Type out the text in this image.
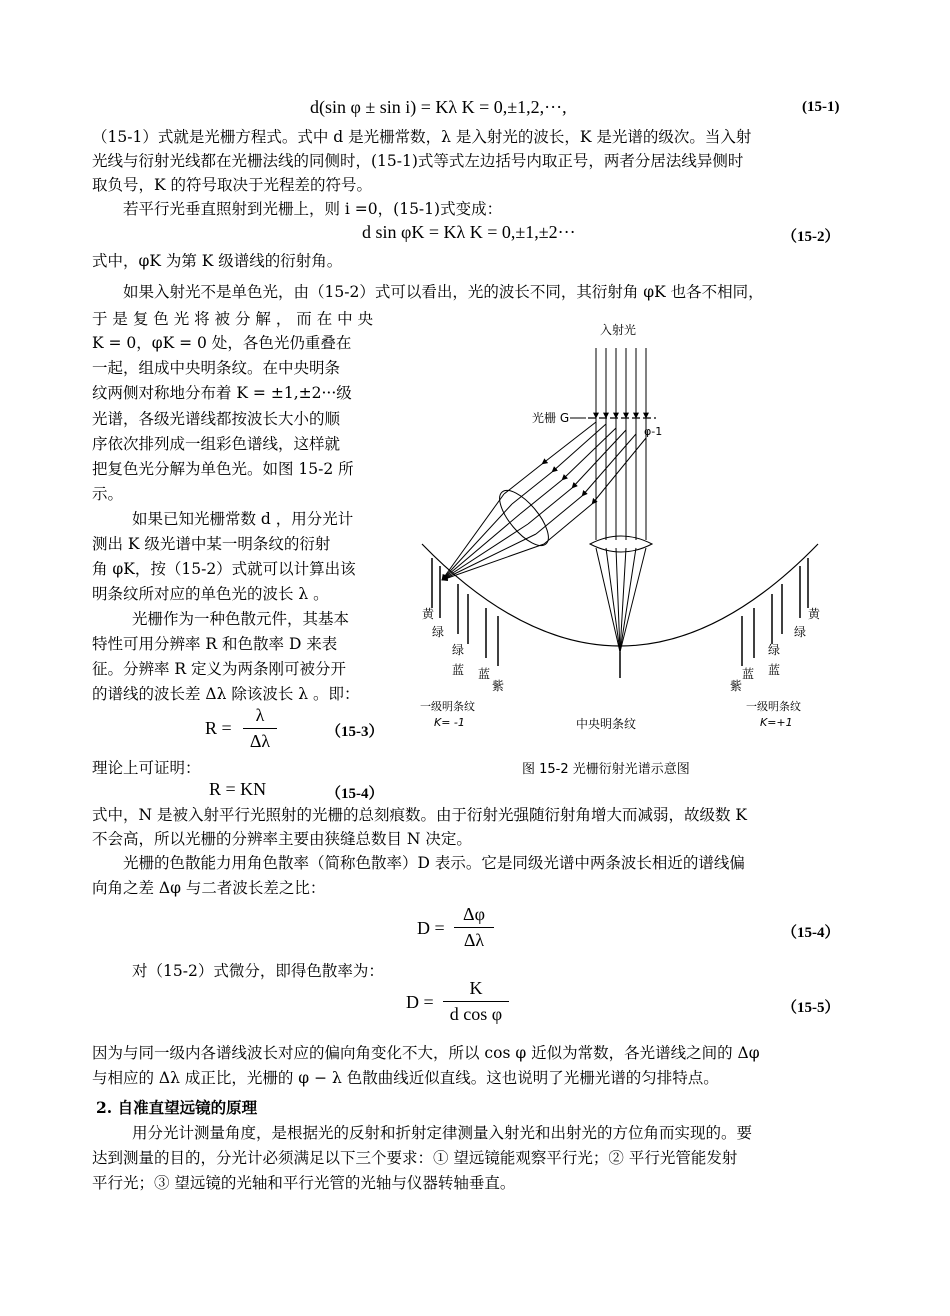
d(sin φ ± sin i) = Kλ K = 0,±1,2,···,	(15-1)
（15-1）式就是光栅方程式。式中 d 是光栅常数，λ 是入射光的波长，K 是光谱的级次。当入射
光线与衍射光线都在光栅法线的同侧时，(15-1)式等式左边括号内取正号，两者分居法线异侧时
取负号，K 的符号取决于光程差的符号。
若平行光垂直照射到光栅上，则 i =0，(15-1)式变成：
d sin φK = Kλ K = 0,±1,±2···	（15-2）
式中，φK 为第 K 级谱线的衍射角。
如果入射光不是单色光，由（15-2）式可以看出，光的波长不同，其衍射角 φK 也各不相同，
于 是 复 色 光 将 被 分 解 ， 而 在 中 央
K = 0，φK = 0 处，各色光仍重叠在
一起，组成中央明条纹。在中央明条
纹两侧对称地分布着 K = ±1,±2···级
光谱，各级光谱线都按波长大小的顺
序依次排列成一组彩色谱线，这样就
把复色光分解为单色光。如图 15-2 所
示。
如果已知光栅常数 d ，用分光计
测出 K 级光谱中某一明条纹的衍射
角 φK，按（15-2）式就可以计算出该
明条纹所对应的单色光的波长 λ 。
光栅作为一种色散元件，其基本
特性可用分辨率 R 和色散率 D 来表
征。分辨率 R 定义为两条刚可被分开
的谱线的波长差 Δλ 除该波长 λ 。即：
R =
λ
Δλ	（15-3）
理论上可证明：
R = KN	（15-4）
入射光
光栅 G
φ-1
黄
绿
绿
蓝 蓝
紫
黄
绿
绿
蓝
蓝
紫
一级明条纹
K= -1	中央明条纹
一级明条纹
K=+1
图 15-2 光栅衍射光谱示意图
式中，N 是被入射平行光照射的光栅的总刻痕数。由于衍射光强随衍射角增大而减弱，故级数 K
不会高，所以光栅的分辨率主要由狭缝总数目 N 决定。
光栅的色散能力用角色散率（简称色散率）D 表示。它是同级光谱中两条波长相近的谱线偏
向角之差 Δφ 与二者波长差之比：
D =
Δφ
Δλ	（15-4）
对（15-2）式微分，即得色散率为：
D =
K
d cos φ	（15-5）
因为与同一级内各谱线波长对应的偏向角变化不大，所以 cos φ 近似为常数，各光谱线之间的 Δφ
与相应的 Δλ 成正比，光栅的 φ − λ 色散曲线近似直线。这也说明了光栅光谱的匀排特点。
2. 自准直望远镜的原理
用分光计测量角度，是根据光的反射和折射定律测量入射光和出射光的方位角而实现的。要
达到测量的目的，分光计必须满足以下三个要求：① 望远镜能观察平行光；② 平行光管能发射
平行光；③ 望远镜的光轴和平行光管的光轴与仪器转轴垂直。
